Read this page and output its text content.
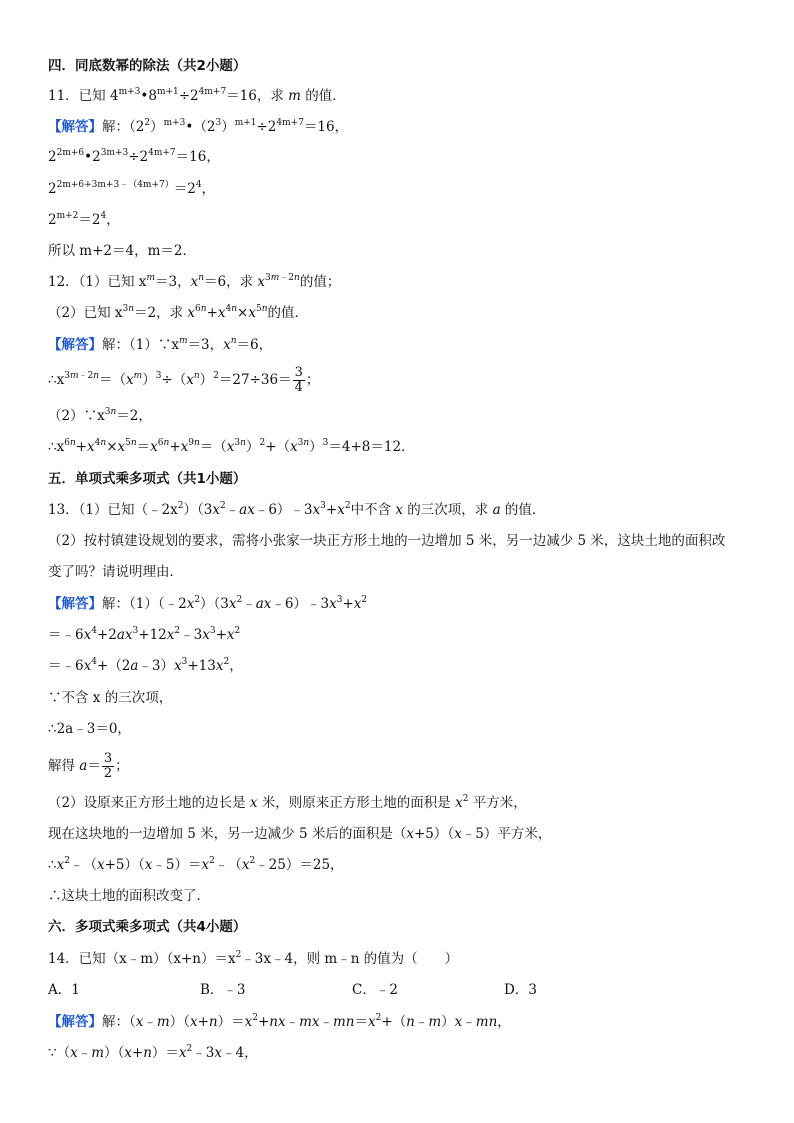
四．同底数幂的除法（共2小题）
11．已知 $4^{m+3}•8^{m+1}\div 2^{4m+7}=16$，求 m 的值．
【解答】解：$(2^2)^{m+3}•(2^3)^{m+1}\div 2^{4m+7}=16$，
$2^{2m+6}•2^{3m+3}\div 2^{4m+7}=16$，
$2^{2m+6+3m+3﹣(4m+7)}=2^4$，
$2^{m+2}=2^4$，
所以 m+2＝4，m＝2．
12．（1）已知 $x^m=3$，$x^n=6$，求 $x^{3m﹣2n}$的值；
（2）已知 $x^{3n}=2$，求 $x^{6n}+x^{4n}\times x^{5n}$的值．
【解答】解：$(1)\because x^m=3$，$x^n=6$，
$\therefore x^{3m﹣2n}=(x^m)^3\div(x^n)^2=27\div 36= \frac{3}{4}$ ；
$(2)\because x^{3n}=2$，
$\therefore x^{6n}+x^{4n}\times x^{5n}=x^{6n}+x^{9n}=(x^{3n})^2+(x^{3n})^3=4+8=12$．
五．单项式乘多项式（共1小题）
13．（1）已知$(﹣2x^2)(3x^2﹣ax﹣6)﹣3x^3+x^2$中不含 x 的三次项，求 a 的值．
（2）按村镇建设规划的要求，需将小张家一块正方形土地的一边增加 5 米，另一边减少 5 米，这块土地的面积改
变了吗？请说明理由．
【解答】解：$(1)(﹣2x^2)(3x^2﹣ax﹣6)﹣3x^3+x^2$
$=﹣6x^4+2ax^3+12x^2﹣3x^3+x^2$
$=﹣6x^4+(2a﹣3)x^3+13x^2$，
∵不含 x 的三次项，
∴2a﹣3＝0，
解得 $a= \frac{3}{2}$ ；
（2）设原来正方形土地的边长是 x 米，则原来正方形土地的面积是 $x^2$ 平方米，
现在这块地的一边增加 5 米，另一边减少 5 米后的面积是（x+5）（x﹣5）平方米，
$\therefore x^2﹣(x+5)(x﹣5)=x^2﹣(x^2﹣25)=25$，
∴这块土地的面积改变了．
六．多项式乘多项式（共4小题）
14．已知$(x﹣m)(x+n)=x^2﹣3x﹣4$，则 m﹣n 的值为（　　）
A．1	B．﹣3	C．﹣2	D．3
【解答】解：$(x﹣m)(x+n)=x^2+nx﹣mx﹣mn=x^2+(n﹣m)x﹣mn$，
$\because(x﹣m)(x+n)=x^2﹣3x﹣4$，
